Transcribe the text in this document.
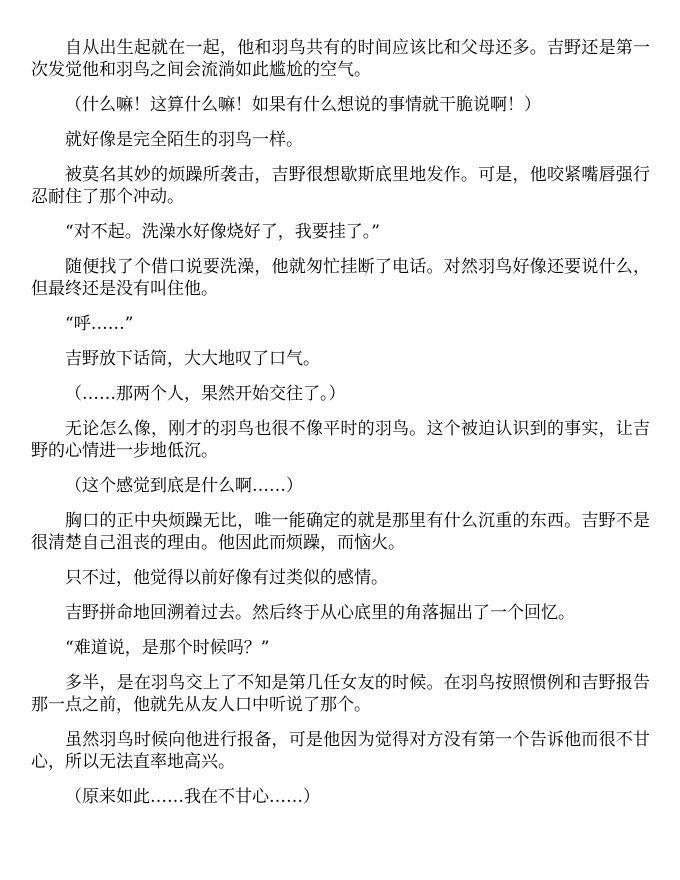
自从出生起就在一起，他和羽鸟共有的时间应该比和父母还多。吉野还是第一次发觉他和羽鸟之间会流淌如此尴尬的空气。

（什么嘛！这算什么嘛！如果有什么想说的事情就干脆说啊！）

就好像是完全陌生的羽鸟一样。

被莫名其妙的烦躁所袭击，吉野很想歇斯底里地发作。可是，他咬紧嘴唇强行忍耐住了那个冲动。

“对不起。洗澡水好像烧好了，我要挂了。”

随便找了个借口说要洗澡，他就匆忙挂断了电话。对然羽鸟好像还要说什么，但最终还是没有叫住他。

“呼……”

吉野放下话筒，大大地叹了口气。

（……那两个人，果然开始交往了。）

无论怎么像，刚才的羽鸟也很不像平时的羽鸟。这个被迫认识到的事实，让吉野的心情进一步地低沉。

（这个感觉到底是什么啊……）

胸口的正中央烦躁无比，唯一能确定的就是那里有什么沉重的东西。吉野不是很清楚自己沮丧的理由。他因此而烦躁，而恼火。

只不过，他觉得以前好像有过类似的感情。

吉野拼命地回溯着过去。然后终于从心底里的角落掘出了一个回忆。

“难道说，是那个时候吗？”

多半，是在羽鸟交上了不知是第几任女友的时候。在羽鸟按照惯例和吉野报告那一点之前，他就先从友人口中听说了那个。

虽然羽鸟时候向他进行报备，可是他因为觉得对方没有第一个告诉他而很不甘心，所以无法直率地高兴。

（原来如此……我在不甘心……）
